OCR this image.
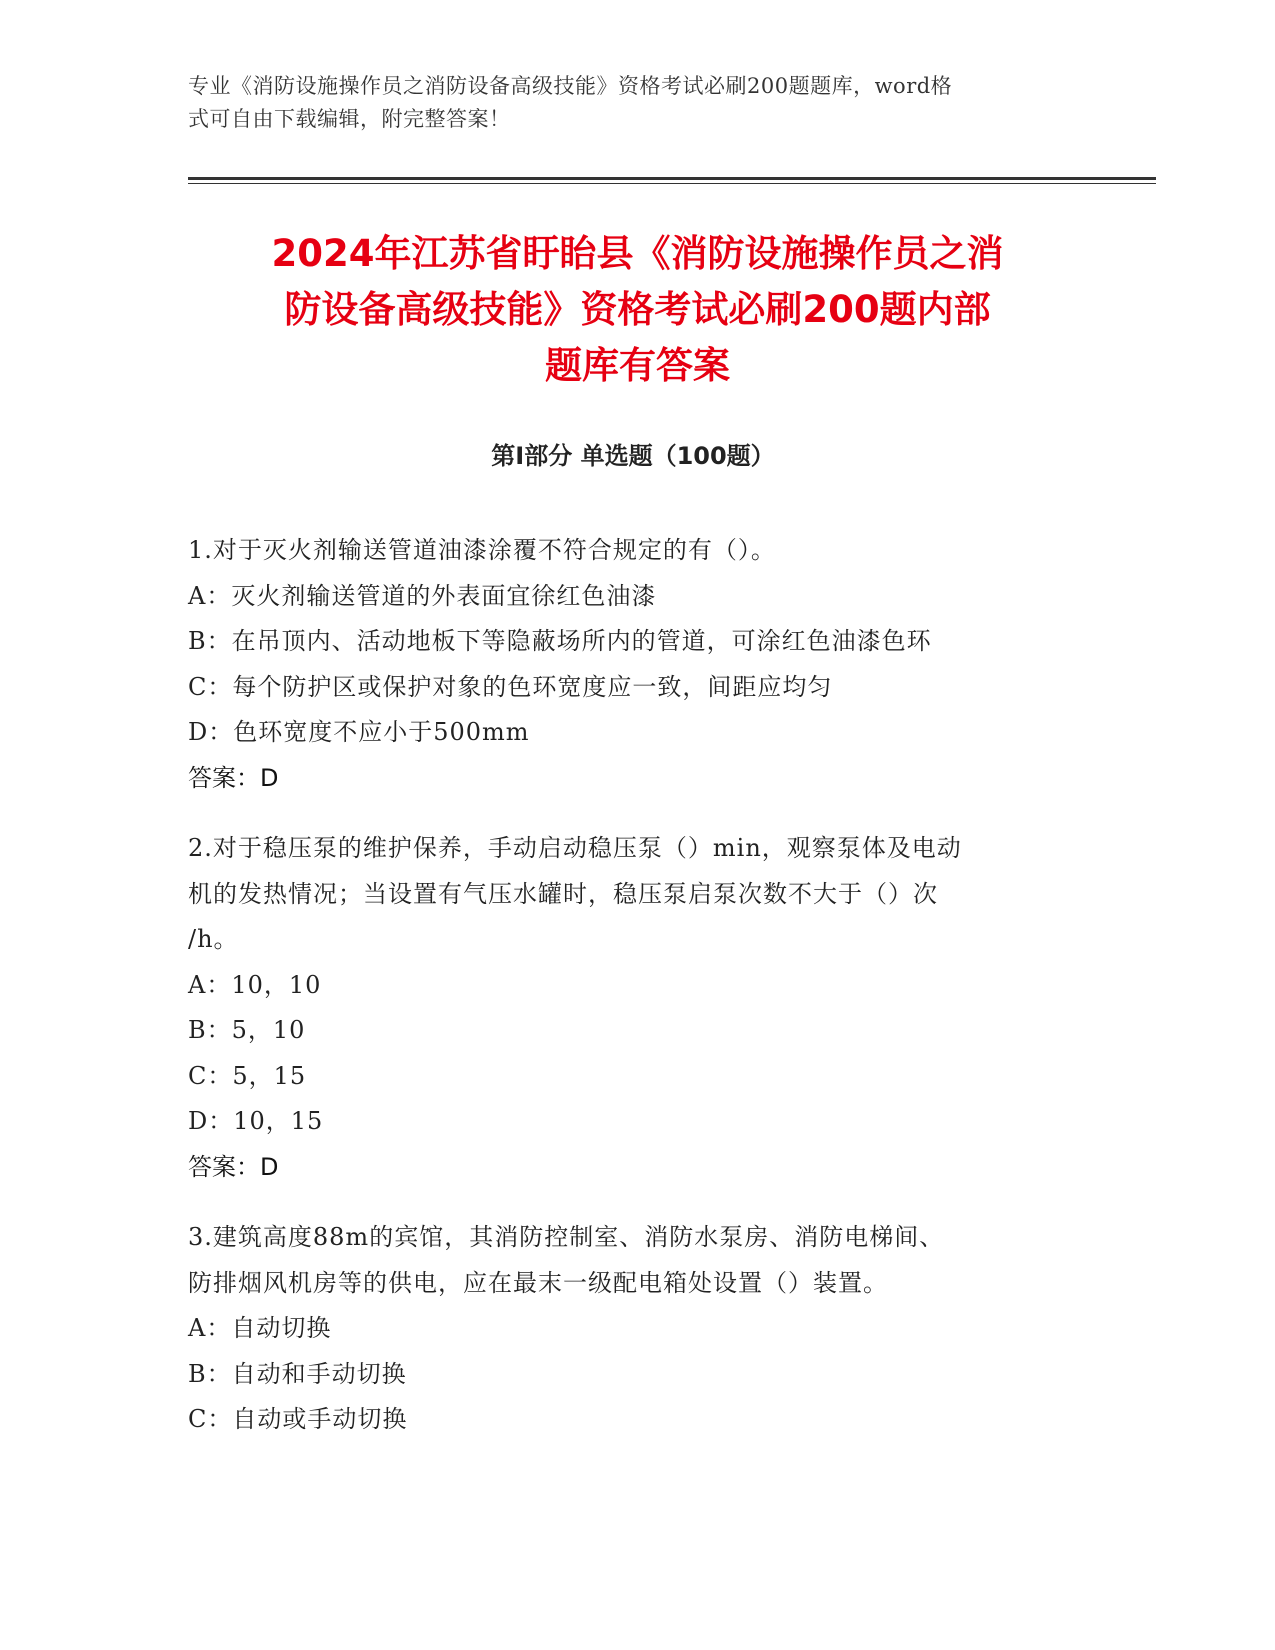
专业《消防设施操作员之消防设备高级技能》资格考试必刷200题题库，word格
式可自由下载编辑，附完整答案！
2024年江苏省盱眙县《消防设施操作员之消
防设备高级技能》资格考试必刷200题内部
题库有答案
第Ⅰ部分 单选题（100题）
1.对于灭火剂输送管道油漆涂覆不符合规定的有（）。
A：灭火剂输送管道的外表面宜徐红色油漆
B：在吊顶内、活动地板下等隐蔽场所内的管道，可涂红色油漆色环
C：每个防护区或保护对象的色环宽度应一致，间距应均匀
D：色环宽度不应小于500mm
答案：D
2.对于稳压泵的维护保养，手动启动稳压泵（）min，观察泵体及电动
机的发热情况；当设置有气压水罐时，稳压泵启泵次数不大于（）次
/h。
A：10，10
B：5，10
C：5，15
D：10，15
答案：D
3.建筑高度88m的宾馆，其消防控制室、消防水泵房、消防电梯间、
防排烟风机房等的供电，应在最末一级配电箱处设置（）装置。
A：自动切换
B：自动和手动切换
C：自动或手动切换
